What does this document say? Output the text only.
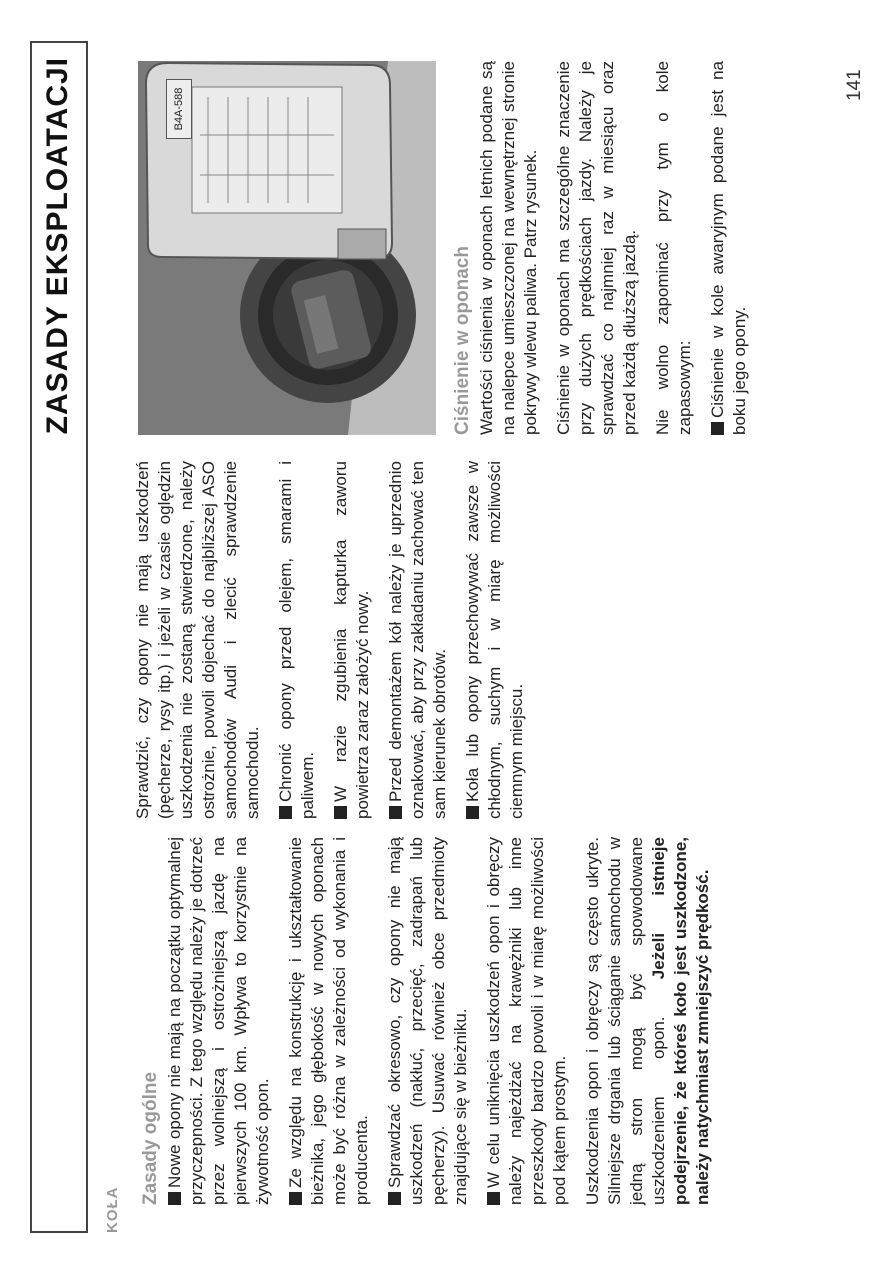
ZASADY EKSPLOATACJI
KOŁA
Zasady ogólne Nowe opony nie mają na początku optymalnej przyczepności. Z tego względu należy je dotrzeć przez wolniejszą i ostrożniejszą jazdę na pierwszych 100 km. Wpływa to korzystnie na żywotność opon. Ze względu na konstrukcję i ukształtowanie bieżnika, jego głębokość w nowych oponach może być różna w zależności od wykonania i producenta. Sprawdzać okresowo, czy opony nie mają uszkodzeń (nakłuć, przecięć, zadrapań lub pęcherzy). Usuwać również obce przedmioty znajdujące się w bieżniku. W celu uniknięcia uszkodzeń opon i obręczy należy najeżdżać na krawężniki lub inne przeszkody bardzo powoli i w miarę możliwości pod kątem prostym. Uszkodzenia opon i obręczy są często ukryte. Silniejsze drgania lub ściąganie samochodu w jedną stron mogą być spowodowane uszkodzeniem opon. Jeżeli istnieje podejrzenie, że któreś koło jest uszkodzone, należy natychmiast zmniejszyć prędkość.

Sprawdzić, czy opony nie mają uszkodzeń (pęcherze, rysy itp.) i jeżeli w czasie oględzin uszkodzenia nie zostaną stwierdzone, należy ostrożnie, powoli dojechać do najbliższej ASO samochodów Audi i zlecić sprawdzenie samochodu. Chronić opony przed olejem, smarami i paliwem. W razie zgubienia kapturka zaworu powietrza zaraz założyć nowy. Przed demontażem kół należy je uprzednio oznakować, aby przy zakładaniu zachować ten sam kierunek obrotów. Koła lub opony przechowywać zawsze w chłodnym, suchym i w miarę możliwości ciemnym miejscu.

B4A-588
Ciśnienie w oponach Wartości ciśnienia w oponach letnich podane są na nalepce umieszczonej na wewnętrznej stronie pokrywy wlewu paliwa. Patrz rysunek. Ciśnienie w oponach ma szczególne znaczenie przy dużych prędkościach jazdy. Należy je sprawdzać co najmniej raz w miesiącu oraz przed każdą dłuższą jazdą. Nie wolno zapominać przy tym o kole zapasowym: Ciśnienie w kole awaryjnym podane jest na boku jego opony.

141
